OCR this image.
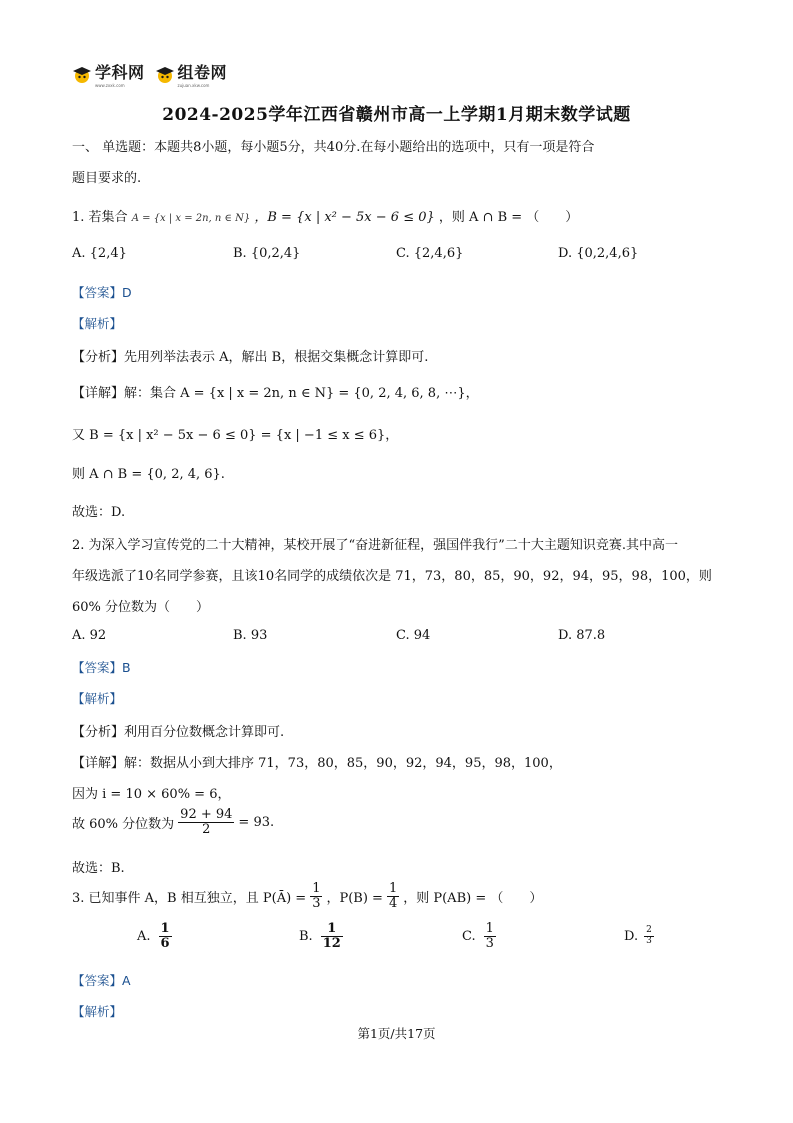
学科网
www.zxxk.com
组卷网
zujuan.xkw.com
2024-2025学年江西省赣州市高一上学期1月期末数学试题
一、 单选题：本题共8小题，每小题5分，共40分.在每小题给出的选项中，只有一项是符合
题目要求的.
1. 若集合 A = {x | x = 2n, n ∈ N} ，B = {x | x² − 5x − 6 ≤ 0} ，则 A ∩ B = （　　）
A. {2,4}	B. {0,2,4}	C. {2,4,6}	D. {0,2,4,6}
【答案】D
【解析】
【分析】先用列举法表示 A，解出 B，根据交集概念计算即可.
【详解】解：集合 A = {x | x = 2n, n ∈ N} = {0, 2, 4, 6, 8, ⋯}，
又 B = {x | x² − 5x − 6 ≤ 0} = {x | −1 ≤ x ≤ 6}，
则 A ∩ B = {0, 2, 4, 6}.
故选：D.
2. 为深入学习宣传党的二十大精神，某校开展了“奋进新征程，强国伴我行”二十大主题知识竞赛.其中高一
年级选派了10名同学参赛，且该10名同学的成绩依次是 71，73，80，85，90，92，94，95，98，100，则
60% 分位数为（　　）
A. 92	B. 93	C. 94	D. 87.8
【答案】B
【解析】
【分析】利用百分位数概念计算即可.
【详解】解：数据从小到大排序 71，73，80，85，90，92，94，95，98，100，
因为 i = 10 × 60% = 6，
故 60% 分位数为 $\frac{92 + 94}{2} = 93$.
故选：B.
3. 已知事件 A，B 相互独立，且 P(Ā) = $\frac{1}{3}$ ，$P(B) = \frac{1}{4}$ ，则 P(AB) = （　　）
A. $\frac{1}{6}$	B. $\frac{1}{12}$	C. $\frac{1}{3}$	D. $\frac{2}{3}$
【答案】A
【解析】
第1页/共17页
